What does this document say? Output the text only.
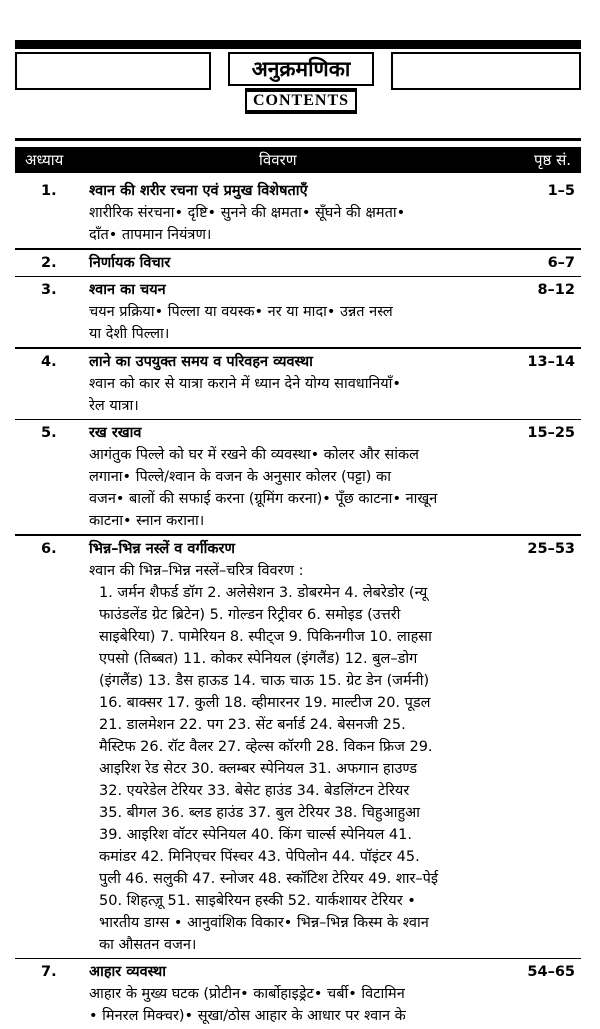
अनुक्रमणिका
CONTENTS
अध्याय	विवरण	पृष्ठ सं.
1. श्वान की शरीर रचना एवं प्रमुख विशेषताएँ	1–5
शारीरिक संरचना• दृष्टि• सुनने की क्षमता• सूँघने की क्षमता•
दाँत• तापमान नियंत्रण।
2. निर्णायक विचार	6–7
3. श्वान का चयन	8–12
चयन प्रक्रिया• पिल्ला या वयस्क• नर या मादा• उन्नत नस्ल
या देशी पिल्ला।
4. लाने का उपयुक्त समय व परिवहन व्यवस्था	13–14
श्वान को कार से यात्रा कराने में ध्यान देने योग्य सावधानियाँ•
रेल यात्रा।
5. रख रखाव	15–25
आगंतुक पिल्ले को घर में रखने की व्यवस्था• कोलर और सांकल
लगाना• पिल्ले/श्वान के वजन के अनुसार कोलर (पट्टा) का
वजन• बालों की सफाई करना (ग्रूमिंग करना)• पूँछ काटना• नाखून
काटना• स्नान कराना।
6. भिन्न–भिन्न नस्लें व वर्गीकरण	25–53
श्वान की भिन्न–भिन्न नस्लें–चरित्र विवरण :
1. जर्मन शैफर्ड डॉग 2. अलेसेशन 3. डोबरमेन 4. लेबरेडोर (न्यू
फाउंडलेंड ग्रेट ब्रिटेन) 5. गोल्डन रिट्रीवर 6. समोइड (उत्तरी
साइबेरिया) 7. पामेरियन 8. स्पीट्ज 9. पिकिनगीज 10. लाहसा
एपसो (तिब्बत) 11. कोकर स्पेनियल (इंगलैंड) 12. बुल–डोग
(इंगलैंड) 13. डैस हाऊड 14. चाऊ चाऊ 15. ग्रेट डेन (जर्मनी)
16. बाक्सर 17. कुली 18. व्हीमारनर 19. माल्टीज 20. पूडल
21. डालमेशन 22. पग 23. सेंट बर्नार्ड 24. बेसनजी 25.
मैस्टिफ 26. रॉट वैलर 27. व्हेल्स कॉरगी 28. विकन फ्रिज 29.
आइरिश रेड सेटर 30. क्लम्बर स्पेनियल 31. अफगान हाउण्ड
32. एयरेडेल टेरियर 33. बेसेट हाउंड 34. बेडलिंग्टन टेरियर
35. बीगल 36. ब्लड हाउंड 37. बुल टेरियर 38. चिहुआहुआ
39. आइरिश वॉटर स्पेनियल 40. किंग चार्ल्स स्पेनियल 41.
कमांडर 42. मिनिएचर पिंस्चर 43. पेपिलोन 44. पॉइंटर 45.
पुली 46. सलुकी 47. स्नोजर 48. स्कॉटिश टेरियर 49. शार–पेई
50. शिहत्ज़ू 51. साइबेरियन हस्की 52. यार्कशायर टेरियर •
भारतीय डाग्स • आनुवांशिक विकार• भिन्न–भिन्न किस्म के श्वान
का औसतन वजन।
7. आहार व्यवस्था	54–65
आहार के मुख्य घटक (प्रोटीन• कार्बोहाइड्रेट• चर्बी• विटामिन
• मिनरल मिक्चर)• सूखा/ठोस आहार के आधार पर श्वान के
